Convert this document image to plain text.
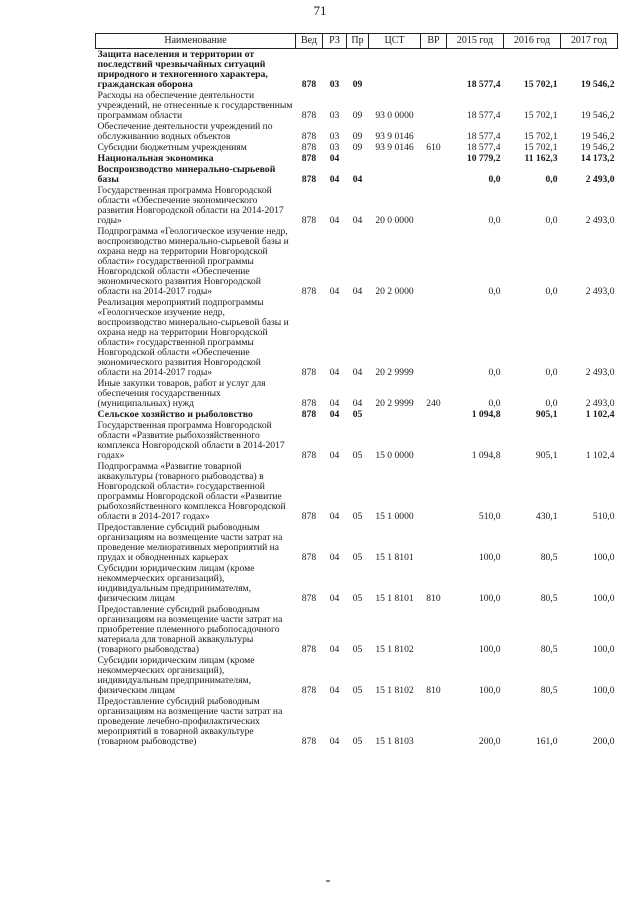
71
Наименование	Вед	РЗ	Пр	ЦСТ	ВР	2015 год	2016 год	2017 год
Защита населения и территории от последствий чрезвычайных ситуаций природного и техногенного характера, гражданская оборона	878	03	09			18 577,4	15 702,1	19 546,2
Расходы на обеспечение деятельности учреждений, не отнесенные к государственным программам области	878	03	09	93 0 0000		18 577,4	15 702,1	19 546,2
Обеспечение деятельности учреждений по обслуживанию водных объектов	878	03	09	93 9 0146		18 577,4	15 702,1	19 546,2
Субсидии бюджетным учреждениям	878	03	09	93 9 0146	610	18 577,4	15 702,1	19 546,2
Национальная экономика	878	04				10 779,2	11 162,3	14 173,2
Воспроизводство минерально-сырьевой базы	878	04	04			0,0	0,0	2 493,0
Государственная программа Новгородской области «Обеспечение экономического развития Новгородской области на 2014-2017 годы»	878	04	04	20 0 0000		0,0	0,0	2 493,0
Подпрограмма «Геологическое изучение недр, воспроизводство минерально-сырьевой базы и охрана недр на территории Новгородской области» государственной программы Новгородской области «Обеспечение экономического развития Новгородской области на 2014-2017 годы»	878	04	04	20 2 0000		0,0	0,0	2 493,0
Реализация мероприятий подпрограммы «Геологическое изучение недр, воспроизводство минерально-сырьевой базы и охрана недр на территории Новгородской области» государственной программы Новгородской области «Обеспечение экономического развития Новгородской области на 2014-2017 годы»	878	04	04	20 2 9999		0,0	0,0	2 493,0
Иные закупки товаров, работ и услуг для обеспечения государственных (муниципальных) нужд	878	04	04	20 2 9999	240	0,0	0,0	2 493,0
Сельское хозяйство и рыболовство	878	04	05			1 094,8	905,1	1 102,4
Государственная программа Новгородской области «Развитие рыбохозяйственного комплекса Новгородской области в 2014-2017 годах»	878	04	05	15 0 0000		1 094,8	905,1	1 102,4
Подпрограмма «Развитие товарной аквакультуры (товарного рыбоводства) в Новгородской области» государственной программы Новгородской области «Развитие рыбохозяйственного комплекса Новгородской области в 2014-2017 годах»	878	04	05	15 1 0000		510,0	430,1	510,0
Предоставление субсидий рыбоводным организациям на возмещение части затрат на проведение мелиоративных мероприятий на прудах и обводненных карьерах	878	04	05	15 1 8101		100,0	80,5	100,0
Субсидии юридическим лицам (кроме некоммерческих организаций), индивидуальным предпринимателям, физическим лицам	878	04	05	15 1 8101	810	100,0	80,5	100,0
Предоставление субсидий рыбоводным организациям на возмещение части затрат на приобретение племенного рыбопосадочного материала для товарной аквакультуры (товарного рыбоводства)	878	04	05	15 1 8102		100,0	80,5	100,0
Субсидии юридическим лицам (кроме некоммерческих организаций), индивидуальным предпринимателям, физическим лицам	878	04	05	15 1 8102	810	100,0	80,5	100,0
Предоставление субсидий рыбоводным организациям на возмещение части затрат на проведение лечебно-профилактических мероприятий в товарной аквакультуре (товарном рыбоводстве)	878	04	05	15 1 8103		200,0	161,0	200,0
